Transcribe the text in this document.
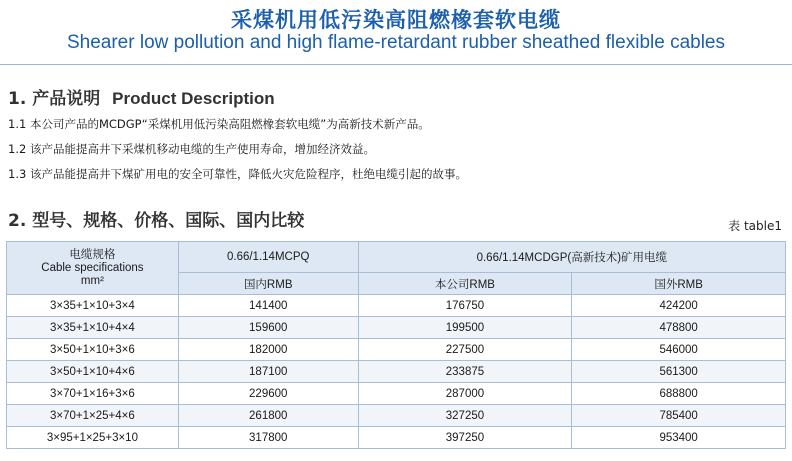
采煤机用低污染高阻燃橡套软电缆
Shearer low pollution and high flame-retardant rubber sheathed flexible cables
1. 产品说明 Product Description
1.1 本公司产品的MCDGP“采煤机用低污染高阻燃橡套软电缆”为高新技术新产品。
1.2 该产品能提高井下采煤机移动电缆的生产使用寿命，增加经济效益。
1.3 该产品能提高井下煤矿用电的安全可靠性，降低火灾危险程序，杜绝电缆引起的故事。
2. 型号、规格、价格、国际、国内比较	表 table1
电缆规格
Cable specifications
mm²	0.66/1.14MCPQ	0.66/1.14MCDGP(高新技术)矿用电缆	
	国内RMB	本公司RMB	国外RMB
3×35+1×10+3×4	141400	176750	424200
3×35+1×10+4×4	159600	199500	478800
3×50+1×10+3×6	182000	227500	546000
3×50+1×10+4×6	187100	233875	561300
3×70+1×16+3×6	229600	287000	688800
3×70+1×25+4×6	261800	327250	785400
3×95+1×25+3×10	317800	397250	953400
